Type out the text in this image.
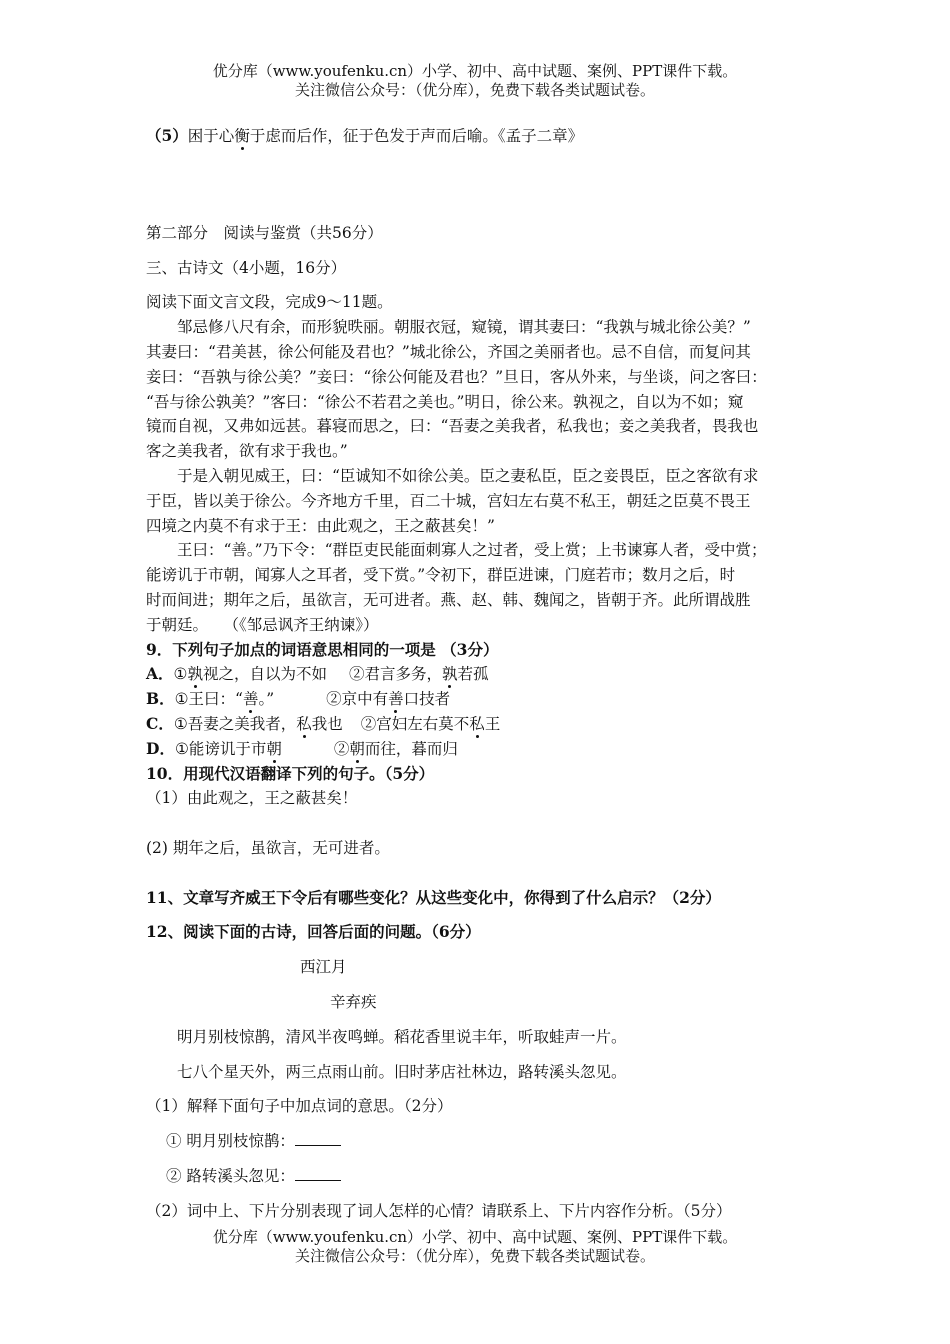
优分库（www.youfenku.cn）小学、初中、高中试题、案例、PPT课件下载。
关注微信公众号：（优分库），免费下载各类试题试卷。
（5）困于心衡于虑而后作，征于色发于声而后喻。《孟子二章》
第二部分　阅读与鉴赏（共56分）
三、古诗文（4小题，16分）
阅读下面文言文段，完成9～11题。
邹忌修八尺有余，而形貌昳丽。朝服衣冠，窥镜，谓其妻曰：“我孰与城北徐公美？”
其妻曰：“君美甚，徐公何能及君也？”城北徐公，齐国之美丽者也。忌不自信，而复问其
妾曰：“吾孰与徐公美？”妾曰：“徐公何能及君也？”旦日，客从外来，与坐谈，问之客曰：
“吾与徐公孰美？”客曰：“徐公不若君之美也。”明日，徐公来。孰视之，自以为不如；窥
镜而自视，又弗如远甚。暮寝而思之，曰：“吾妻之美我者，私我也；妾之美我者，畏我也
客之美我者，欲有求于我也。”
于是入朝见威王，曰：“臣诚知不如徐公美。臣之妻私臣，臣之妾畏臣，臣之客欲有求
于臣，皆以美于徐公。今齐地方千里，百二十城，宫妇左右莫不私王，朝廷之臣莫不畏王
四境之内莫不有求于王：由此观之，王之蔽甚矣！”
王曰：“善。”乃下令：“群臣吏民能面刺寡人之过者，受上赏；上书谏寡人者，受中赏；
能谤讥于市朝，闻寡人之耳者，受下赏。”令初下，群臣进谏，门庭若市；数月之后，时
时而间进；期年之后，虽欲言，无可进者。燕、赵、韩、魏闻之，皆朝于齐。此所谓战胜
于朝廷。　　（《邹忌讽齐王纳谏》）
9．下列句子加点的词语意思相同的一项是 （3分）
A．①孰视之，自以为不如 ②君言多务，孰若孤
B．①王曰：“善。”	②京中有善口技者
C．①吾妻之美我者，私我也 ②宫妇左右莫不私王
D．①能谤讥于市朝	②朝而往，暮而归
10．用现代汉语翻译下列的句子。（5分）
（1）由此观之，王之蔽甚矣！
(2) 期年之后，虽欲言，无可进者。
11、文章写齐威王下令后有哪些变化？从这些变化中，你得到了什么启示？（2分）
12、阅读下面的古诗，回答后面的问题。（6分）
西江月
辛弃疾
明月别枝惊鹊，清风半夜鸣蝉。稻花香里说丰年，听取蛙声一片。
七八个星天外，两三点雨山前。旧时茅店社林边，路转溪头忽见。
（1）解释下面句子中加点词的意思。（2分）
① 明月别枝惊鹊：
② 路转溪头忽见：
（2）词中上、下片分别表现了词人怎样的心情？请联系上、下片内容作分析。（5分）
优分库（www.youfenku.cn）小学、初中、高中试题、案例、PPT课件下载。
关注微信公众号：（优分库），免费下载各类试题试卷。
